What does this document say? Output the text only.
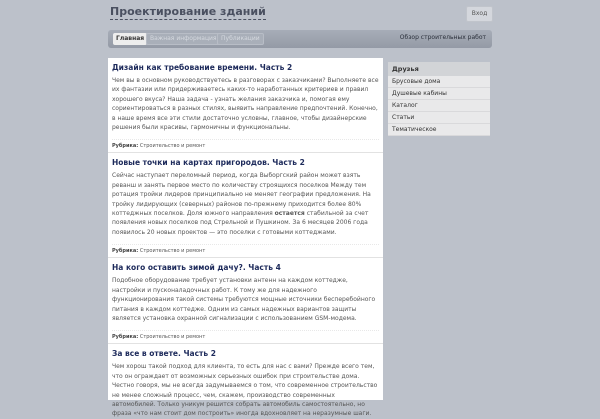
Проектирование зданий	Вход
Главная Важная информация Публикации	Обзор строительных работ
Дизайн как требование времени. Часть 2
Чем вы в основном руководствуетесь в разговорах с заказчиками? Выполняете все их фантазии или придерживаетесь каких-то наработанных критериев и правил хорошего вкуса? Наша задача - узнать желания заказчика и, помогая ему сориентироваться в разных стилях, выявить направление предпочтений. Конечно, в наше время все эти стили достаточно условны, главное, чтобы дизайнерские решения были красивы, гармоничны и функциональны.
Рубрика: Строительство и ремонт
Новые точки на картах пригородов. Часть 2
Сейчас наступает переломный период, когда Выборгский район может взять реванш и занять первое место по количеству строящихся поселков Между тем ротация тройки лидеров принципиально не меняет географии предложения. На тройку лидирующих (северных) районов по-прежнему приходится более 80% коттеджных поселков. Доля южного направления остается стабильной за счет появления новых поселков под Стрельной и Пушкином. За 6 месяцев 2006 года появилось 20 новых проектов — это поселки с готовыми коттеджами.
Рубрика: Строительство и ремонт
На кого оставить зимой дачу?. Часть 4
Подобное оборудование требует установки антенн на каждом коттедже, настройки и пусконаладочных работ. К тому же для надежного функционирования такой системы требуются мощные источники бесперебойного питания в каждом коттедже. Одним из самых надежных вариантов защиты является установка охранной сигнализации с использованием GSM-модема.
Рубрика: Строительство и ремонт
За все в ответе. Часть 2
Чем хорош такой подход для клиента, то есть для нас с вами? Прежде всего тем, что он ограждает от возможных серьезных ошибок при строительстве дома. Честно говоря, мы не всегда задумываемся о том, что современное строительство не менее сложный процесс, чем, скажем, производство современных автомобилей. Только уникум решится собрать автомобиль самостоятельно, но фраза «что нам стоит дом построить» иногда вдохновляет на неразумные шаги.
Друзья
Брусовые дома
Душевые кабины
Каталог
Статьи
Тематическое
